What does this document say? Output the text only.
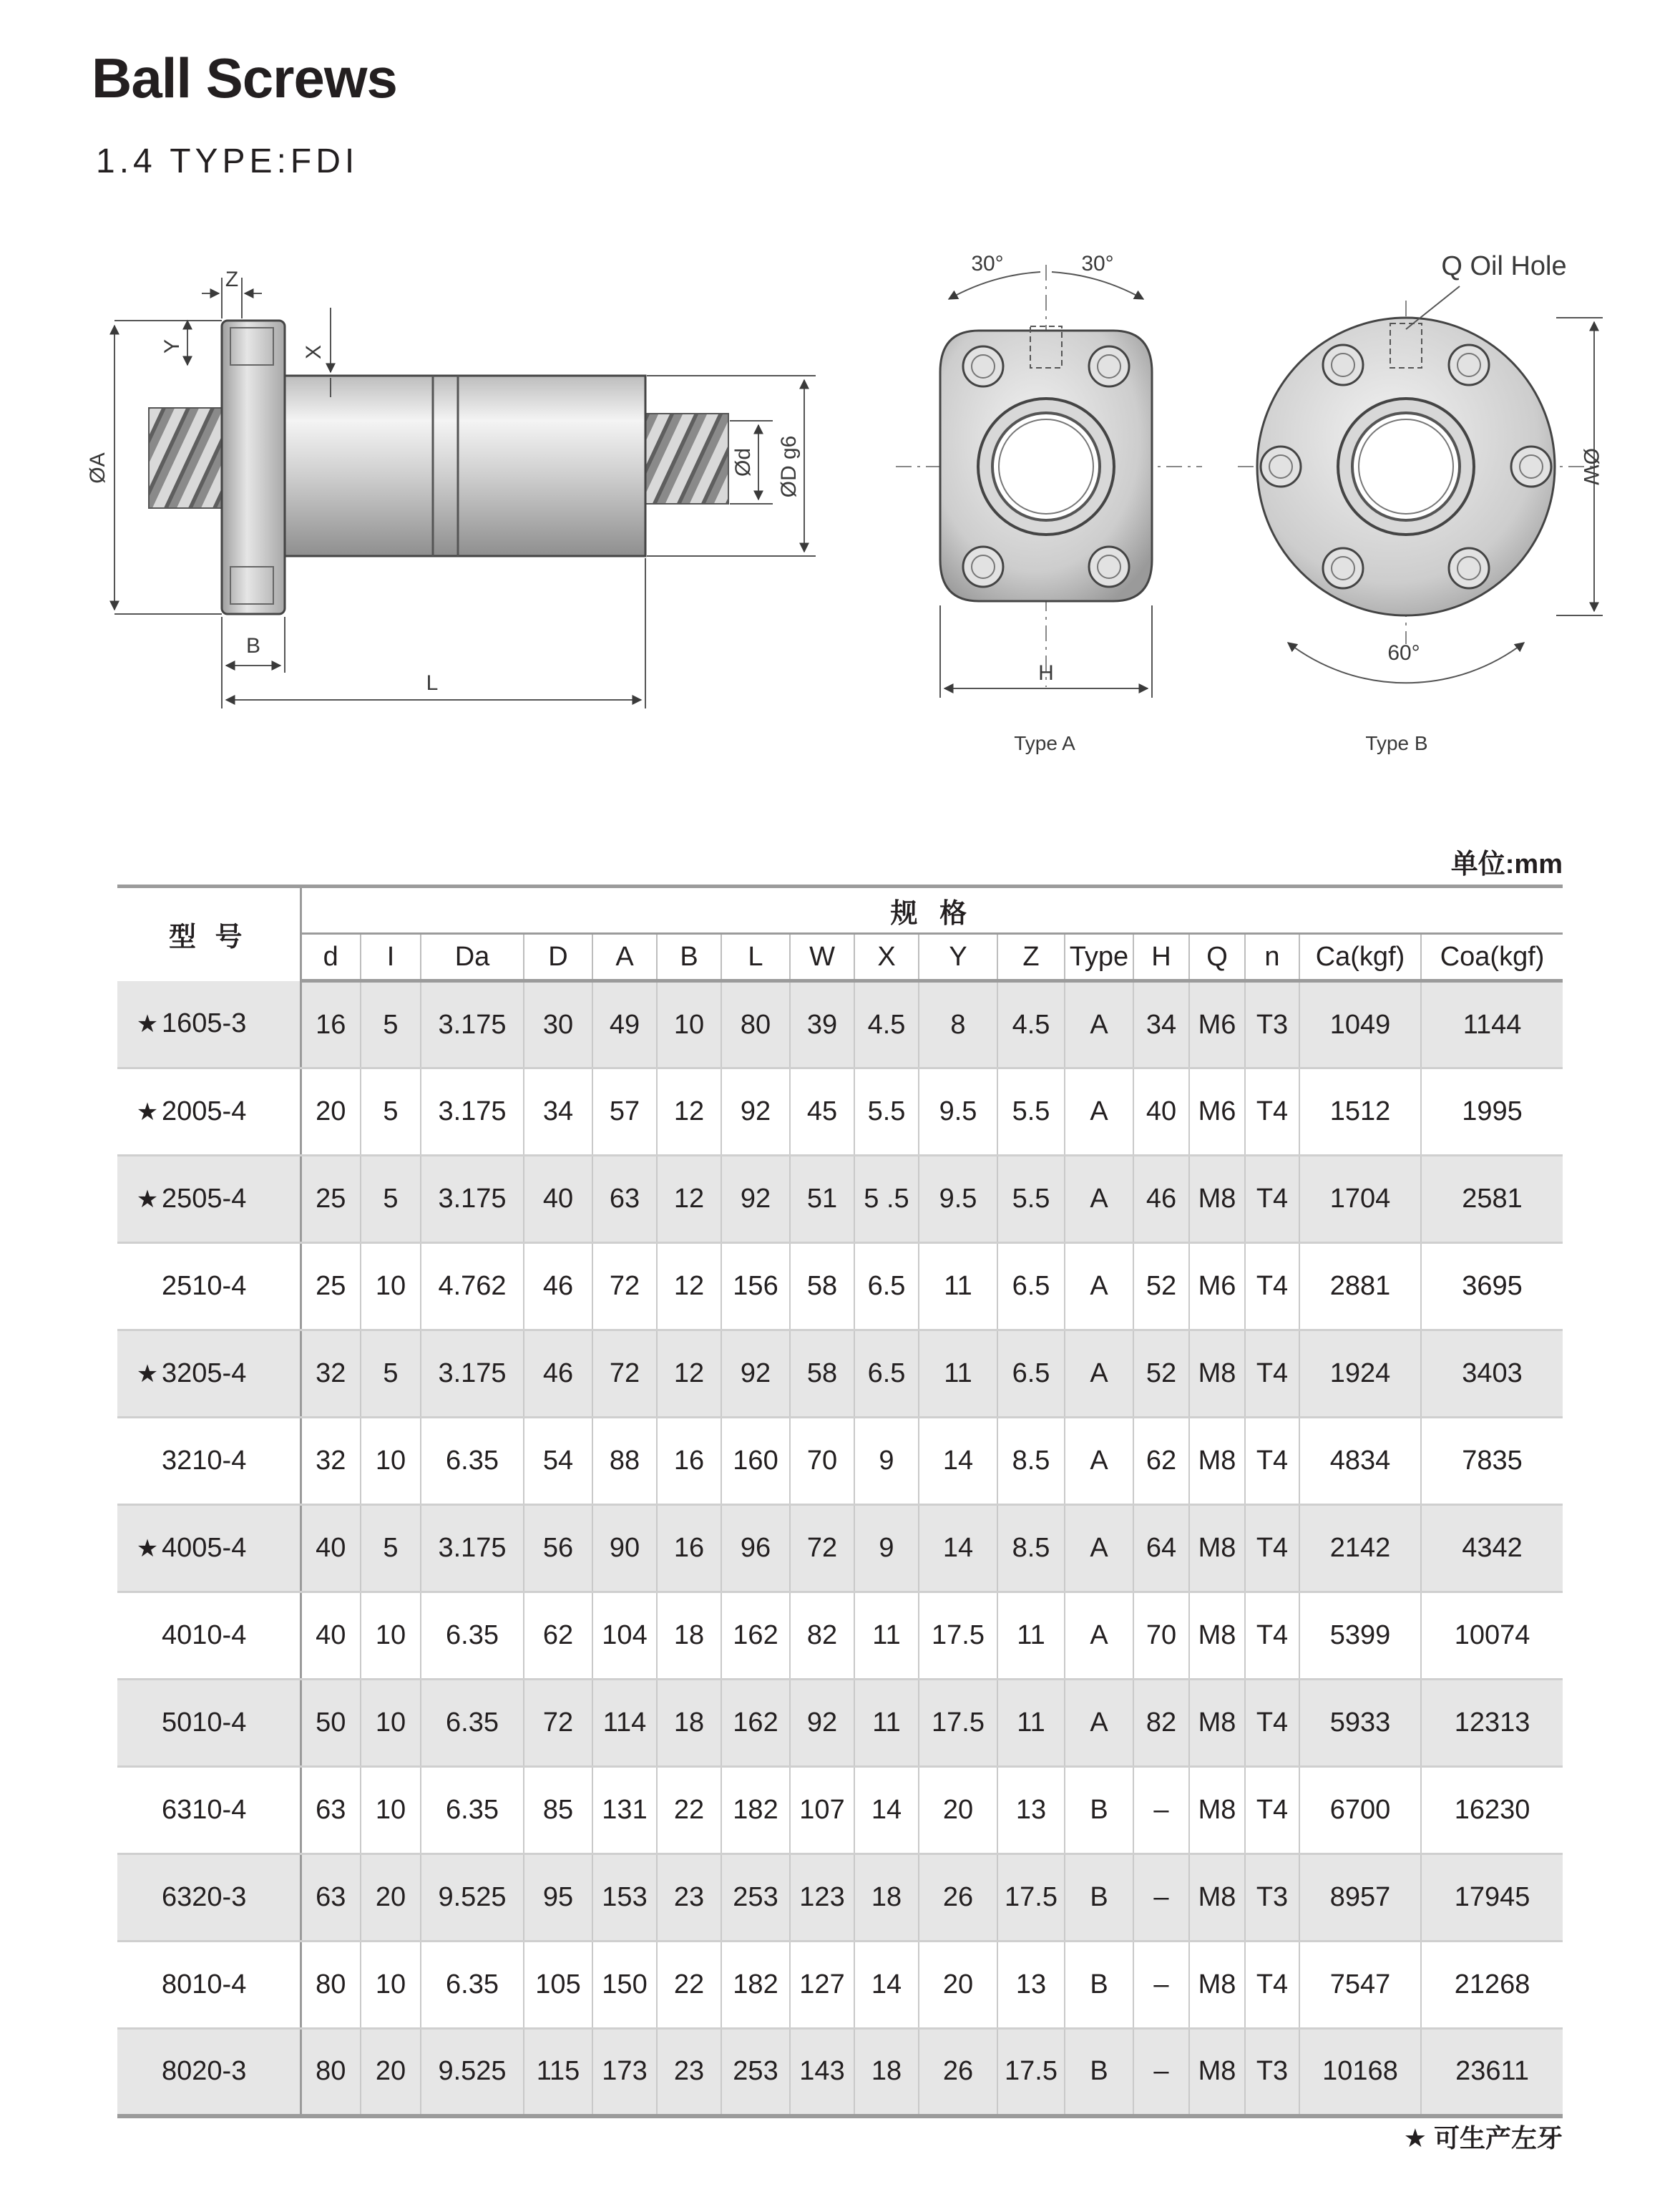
Ball Screws
1.4 TYPE:FDI
Z
Y	X
ØA
B
L
Ød ØD g6
30°	30°
H
Type A
Q Oil Hole
ØW
60°
Type B
单位:mm
型 号	规 格																
	d	I	Da	D	A	B	L	W	X	Y	Z	Type	H	Q	n	Ca(kgf)	Coa(kgf)
★ 1605-3	16	5	3.175	30	49	10	80	39	4.5	8	4.5	A	34	M6	T3	1049	1144
★ 2005-4	20	5	3.175	34	57	12	92	45	5.5	9.5	5.5	A	40	M6	T4	1512	1995
★ 2505-4	25	5	3.175	40	63	12	92	51	5 .5	9.5	5.5	A	46	M8	T4	1704	2581
2510-4	25	10	4.762	46	72	12	156	58	6.5	11	6.5	A	52	M6	T4	2881	3695
★ 3205-4	32	5	3.175	46	72	12	92	58	6.5	11	6.5	A	52	M8	T4	1924	3403
3210-4	32	10	6.35	54	88	16	160	70	9	14	8.5	A	62	M8	T4	4834	7835
★ 4005-4	40	5	3.175	56	90	16	96	72	9	14	8.5	A	64	M8	T4	2142	4342
4010-4	40	10	6.35	62	104	18	162	82	11	17.5	11	A	70	M8	T4	5399	10074
5010-4	50	10	6.35	72	114	18	162	92	11	17.5	11	A	82	M8	T4	5933	12313
6310-4	63	10	6.35	85	131	22	182	107	14	20	13	B	–	M8	T4	6700	16230
6320-3	63	20	9.525	95	153	23	253	123	18	26	17.5	B	–	M8	T3	8957	17945
8010-4	80	10	6.35	105	150	22	182	127	14	20	13	B	–	M8	T4	7547	21268
8020-3	80	20	9.525	115	173	23	253	143	18	26	17.5	B	–	M8	T3	10168	23611
★ 可生产左牙
